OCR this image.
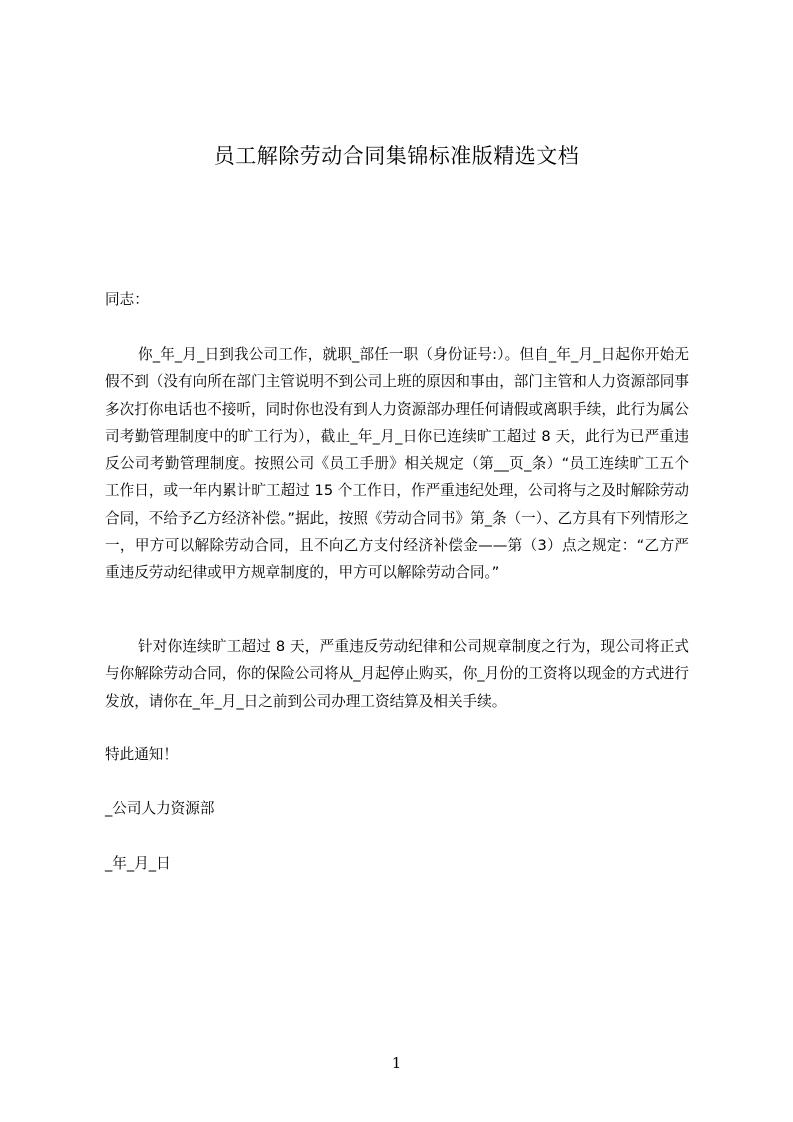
员工解除劳动合同集锦标准版精选文档

同志：

你_年_月_日到我公司工作，就职_部任一职（身份证号:）。但自_年_月_日起你开始无假不到（没有向所在部门主管说明不到公司上班的原因和事由，部门主管和人力资源部同事多次打你电话也不接听，同时你也没有到人力资源部办理任何请假或离职手续，此行为属公司考勤管理制度中的旷工行为），截止_年_月_日你已连续旷工超过 8 天，此行为已严重违反公司考勤管理制度。按照公司《员工手册》相关规定（第__页_条）“员工连续旷工五个工作日，或一年内累计旷工超过 15 个工作日，作严重违纪处理，公司将与之及时解除劳动合同，不给予乙方经济补偿。”据此，按照《劳动合同书》第_条（一）、乙方具有下列情形之一，甲方可以解除劳动合同，且不向乙方支付经济补偿金——第（3）点之规定：“乙方严重违反劳动纪律或甲方规章制度的，甲方可以解除劳动合同。”

针对你连续旷工超过 8 天，严重违反劳动纪律和公司规章制度之行为，现公司将正式与你解除劳动合同，你的保险公司将从_月起停止购买，你_月份的工资将以现金的方式进行发放，请你在_年_月_日之前到公司办理工资结算及相关手续。

特此通知！

_公司人力资源部

_年_月_日

1
